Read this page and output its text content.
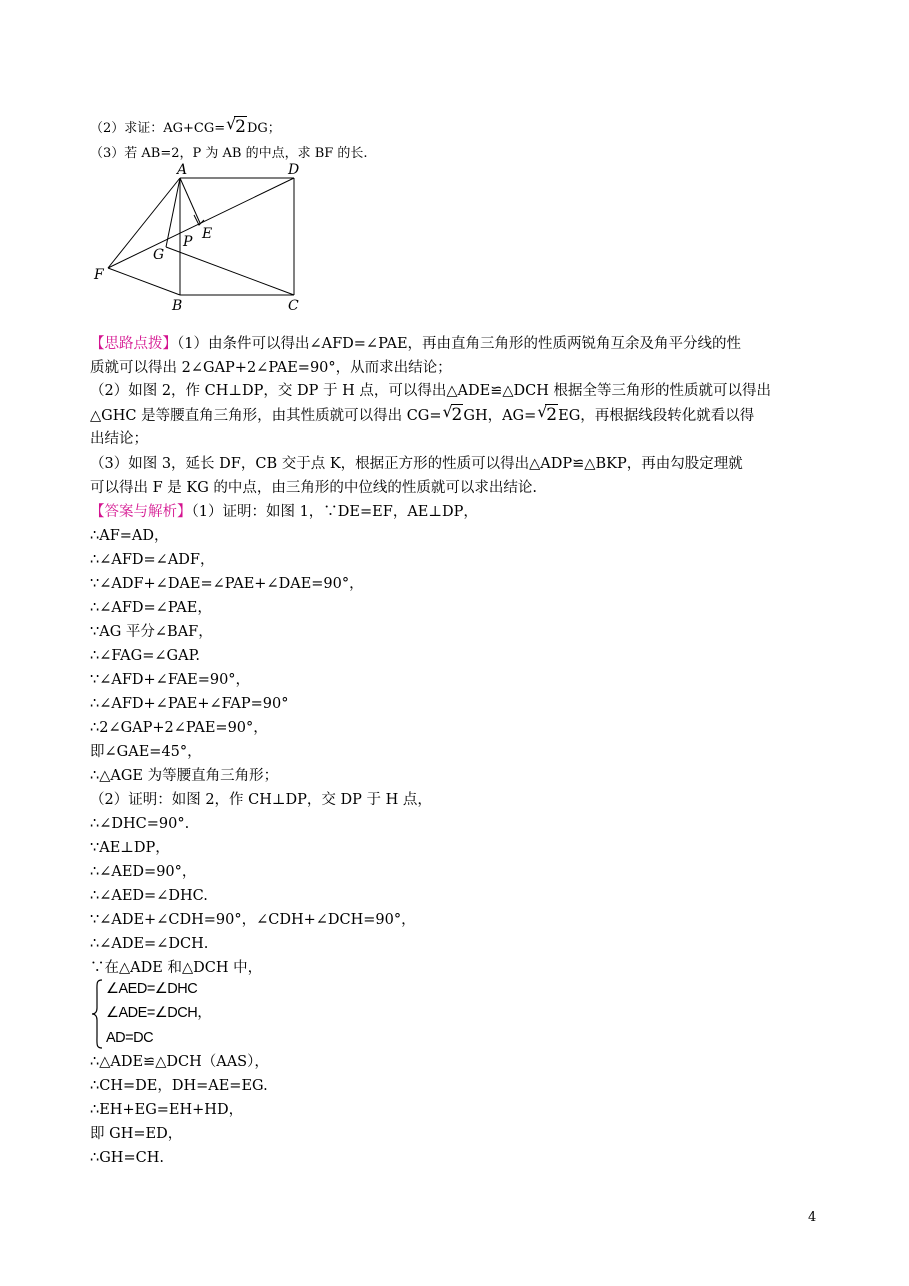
（2）求证：AG+CG= √
2DG；
（3）若 AB=2，P 为 AB 的中点，求 BF 的长.
A	D
E
P
G
F
B	C
【思路点拨】（1）由条件可以得出∠AFD=∠PAE，再由直角三角形的性质两锐角互余及角平分线的性
质就可以得出 2∠GAP+2∠PAE=90°，从而求出结论；
（2）如图 2，作 CH⊥DP，交 DP 于 H 点，可以得出△ADE≌△DCH 根据全等三角形的性质就可以得出
△GHC 是等腰直角三角形，由其性质就可以得出 CG= √
2GH，AG= √
2EG，再根据线段转化就看以得
出结论；
（3）如图 3，延长 DF，CB 交于点 K，根据正方形的性质可以得出△ADP≌△BKP，再由勾股定理就
可以得出 F 是 KG 的中点，由三角形的中位线的性质就可以求出结论.
【答案与解析】（1）证明：如图 1，∵DE=EF，AE⊥DP，
∴AF=AD，
∴∠AFD=∠ADF，
∵∠ADF+∠DAE=∠PAE+∠DAE=90°，
∴∠AFD=∠PAE，
∵AG 平分∠BAF，
∴∠FAG=∠GAP.
∵∠AFD+∠FAE=90°，
∴∠AFD+∠PAE+∠FAP=90°
∴2∠GAP+2∠PAE=90°，
即∠GAE=45°，
∴△AGE 为等腰直角三角形；
（2）证明：如图 2，作 CH⊥DP，交 DP 于 H 点，
∴∠DHC=90°.
∵AE⊥DP，
∴∠AED=90°，
∴∠AED=∠DHC.
∵∠ADE+∠CDH=90°，∠CDH+∠DCH=90°，
∴∠ADE=∠DCH.
∵在△ADE 和△DCH 中，
∠AED=∠DHC
∠ADE=∠DCH，
AD=DC
∴△ADE≌△DCH（AAS），
∴CH=DE，DH=AE=EG.
∴EH+EG=EH+HD，
即 GH=ED，
∴GH=CH.
4
